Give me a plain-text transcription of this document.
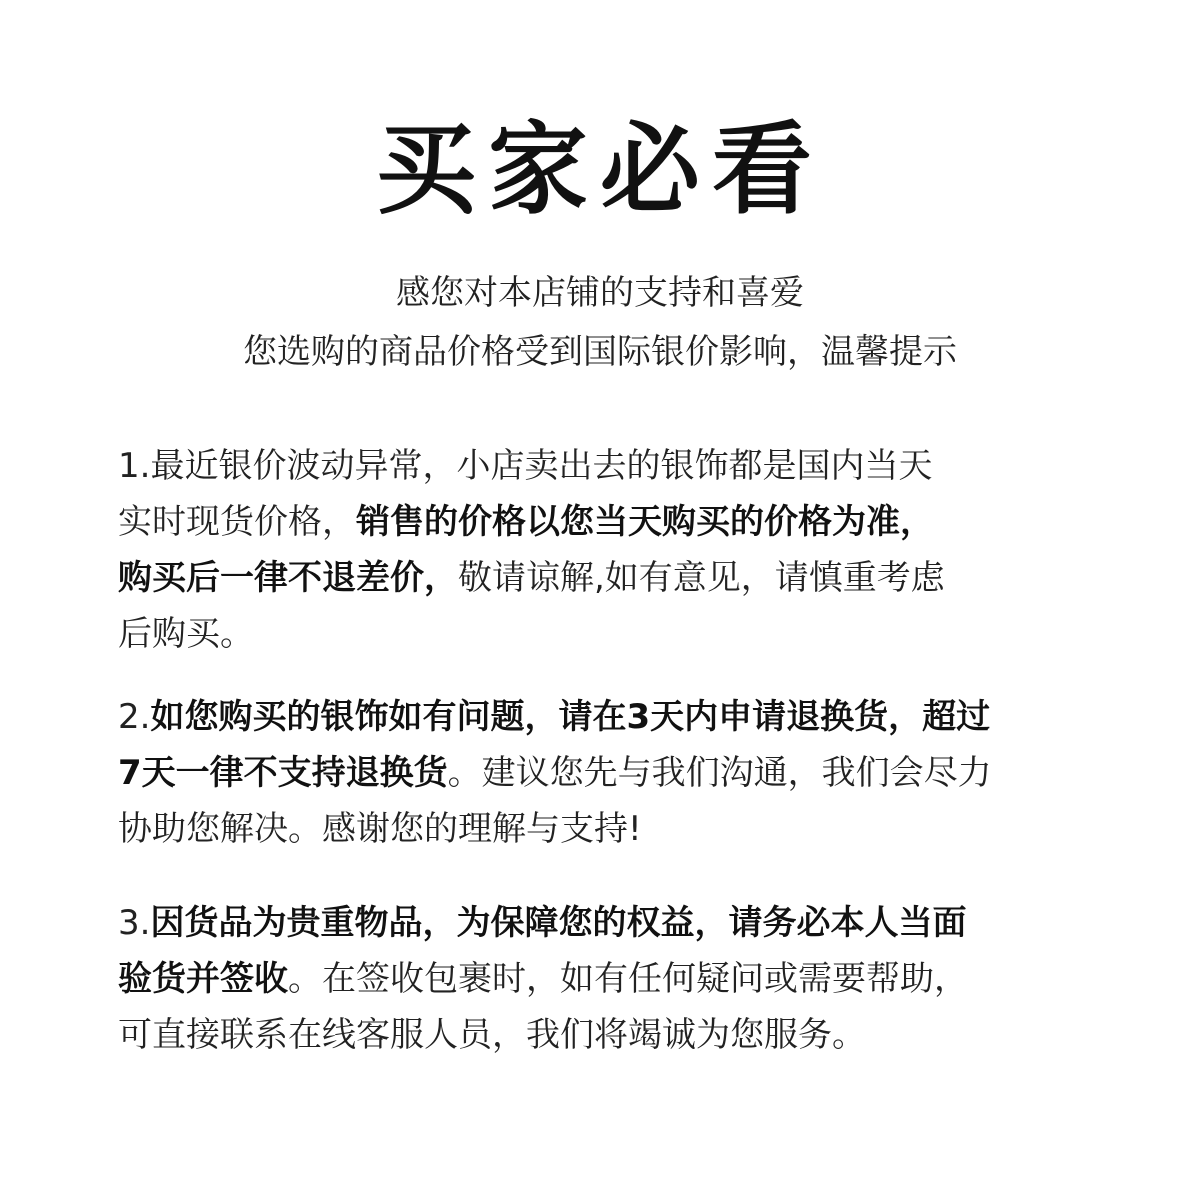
买家必看
感您对本店铺的支持和喜爱
您选购的商品价格受到国际银价影响，温馨提示
1.最近银价波动异常，小店卖出去的银饰都是国内当天
实时现货价格，销售的价格以您当天购买的价格为准，
购买后一律不退差价，敬请谅解,如有意见，请慎重考虑
后购买。
2.如您购买的银饰如有问题，请在3天内申请退换货，超过
7天一律不支持退换货。建议您先与我们沟通，我们会尽力
协助您解决。感谢您的理解与支持!
3.因货品为贵重物品，为保障您的权益，请务必本人当面
验货并签收。在签收包裹时，如有任何疑问或需要帮助，
可直接联系在线客服人员，我们将竭诚为您服务。
